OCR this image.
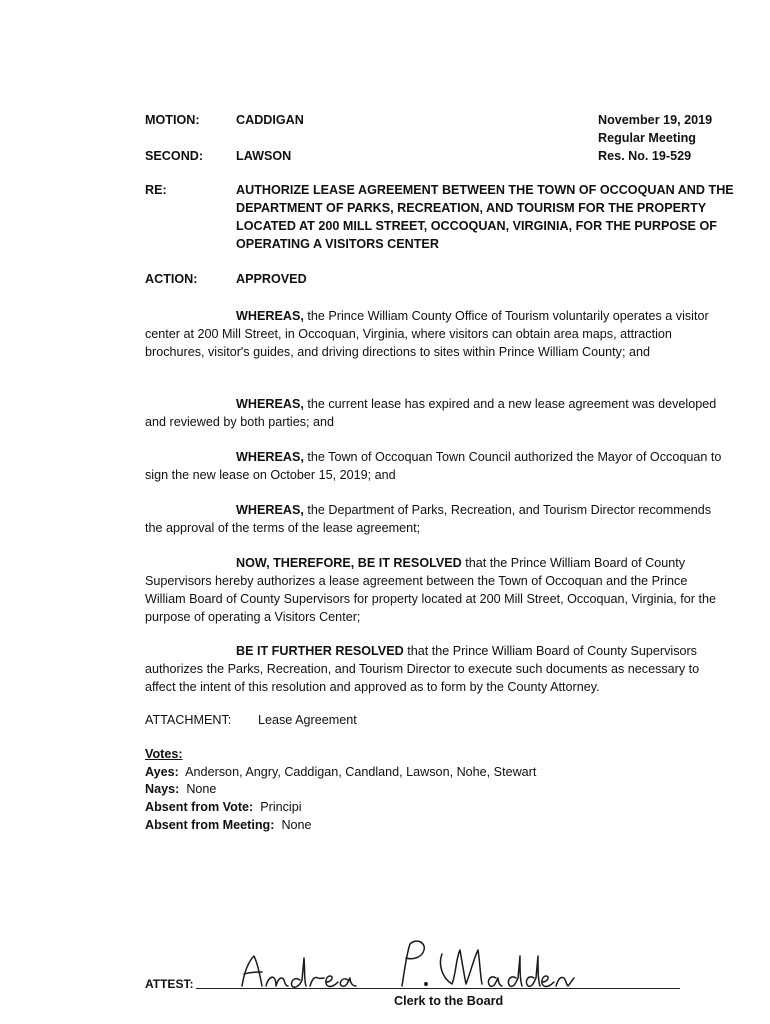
MOTION:	CADDIGAN	November 19, 2019
Regular Meeting
SECOND:	LAWSON	Res. No. 19-529
RE:	AUTHORIZE LEASE AGREEMENT BETWEEN THE TOWN OF OCCOQUAN AND THE
DEPARTMENT OF PARKS, RECREATION, AND TOURISM FOR THE PROPERTY
LOCATED AT 200 MILL STREET, OCCOQUAN, VIRGINIA, FOR THE PURPOSE OF
OPERATING A VISITORS CENTER
ACTION:	APPROVED
WHEREAS, the Prince William County Office of Tourism voluntarily operates a visitor center at 200 Mill Street, in Occoquan, Virginia, where visitors can obtain area maps, attraction brochures, visitor's guides, and driving directions to sites within Prince William County; and
WHEREAS, the current lease has expired and a new lease agreement was developed and reviewed by both parties; and
WHEREAS, the Town of Occoquan Town Council authorized the Mayor of Occoquan to sign the new lease on October 15, 2019; and
WHEREAS, the Department of Parks, Recreation, and Tourism Director recommends the approval of the terms of the lease agreement;
NOW, THEREFORE, BE IT RESOLVED that the Prince William Board of County Supervisors hereby authorizes a lease agreement between the Town of Occoquan and the Prince William Board of County Supervisors for property located at 200 Mill Street, Occoquan, Virginia, for the purpose of operating a Visitors Center;
BE IT FURTHER RESOLVED that the Prince William Board of County Supervisors authorizes the Parks, Recreation, and Tourism Director to execute such documents as necessary to affect the intent of this resolution and approved as to form by the County Attorney.
ATTACHMENT: Lease Agreement
Votes:
Ayes: Anderson, Angry, Caddigan, Candland, Lawson, Nohe, Stewart
Nays: None
Absent from Vote: Principi
Absent from Meeting: None
ATTEST:
Clerk to the Board
